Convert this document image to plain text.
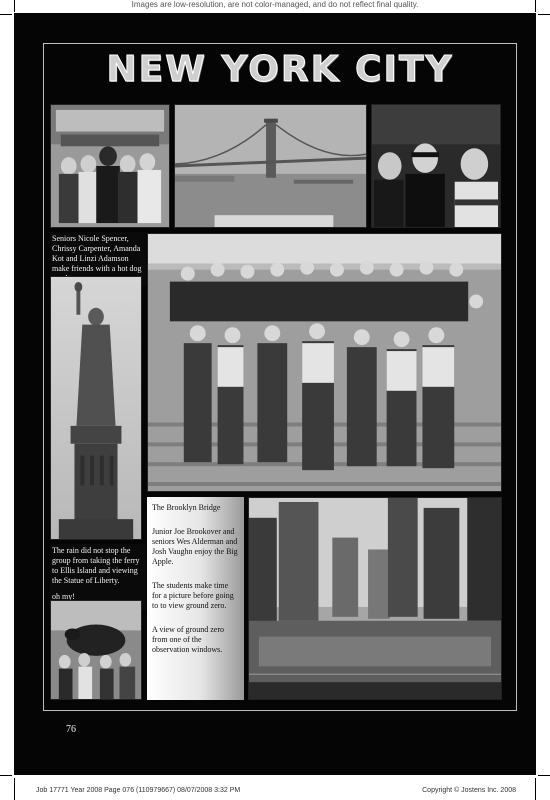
Images are low-resolution, are not color-managed, and do not reflect final quality.
NEW YORK CITY
Seniors Nicole Spencer, Chrissy Carpenter, Amanda Kot and Linzi Adamson make friends with a hot dog

The rain did not stop the group from taking the ferry to Ellis Island and viewing the Statue of Liberty.

oh my!

The Brooklyn Bridge

Junior Joe Brookover and seniors Wes Alderman and Josh Vaughn enjoy the Big Apple.

The students make time for a picture before going to to view ground zero.

A view of ground zero from one of the observation windows.

76
Job 17771 Year 2008 Page 076 (110979667) 08/07/2008 3:32 PM	Copyright © Jostens Inc. 2008
